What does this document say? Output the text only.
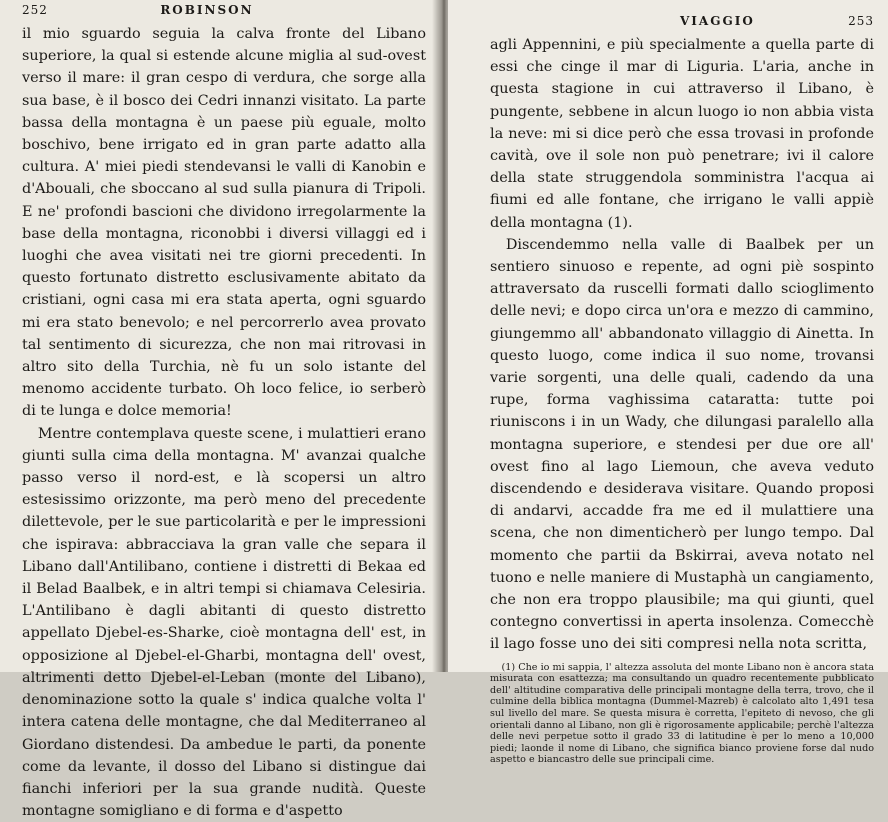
252	ROBINSON

il mio sguardo seguia la calva fronte del Libano superiore, la qual si estende alcune miglia al sud-ovest verso il mare: il gran cespo di verdura, che sorge alla sua base, è il bosco dei Cedri innanzi visitato. La parte bassa della montagna è un paese più eguale, molto boschivo, bene irrigato ed in gran parte adatto alla cultura. A' miei piedi stendevansi le valli di Kanobin e d'Abouali, che sboccano al sud sulla pianura di Tripoli. E ne' profondi bascioni che dividono irregolarmente la base della montagna, riconobbi i diversi villaggi ed i luoghi che avea visitati nei tre giorni precedenti. In questo fortunato distretto esclusivamente abitato da cristiani, ogni casa mi era stata aperta, ogni sguardo mi era stato benevolo; e nel percorrerlo avea provato tal sentimento di sicurezza, che non mai ritrovasi in altro sito della Turchia, nè fu un solo istante del menomo accidente turbato. Oh loco felice, io serberò di te lunga e dolce memoria!

Mentre contemplava queste scene, i mulattieri erano giunti sulla cima della montagna. M' avanzai qualche passo verso il nord-est, e là scopersi un altro estesissimo orizzonte, ma però meno del precedente dilettevole, per le sue particolarità e per le impressioni che ispirava: abbracciava la gran valle che separa il Libano dall'Antilibano, contiene i distretti di Bekaa ed il Belad Baalbek, e in altri tempi si chiamava Celesiria. L'Antilibano è dagli abitanti di questo distretto appellato Djebel-es-Sharke, cioè montagna dell' est, in opposizione al Djebel-el-Gharbi, montagna dell' ovest, altrimenti detto Djebel-el-Leban (monte del Libano), denominazione sotto la quale s' indica qualche volta l' intera catena delle montagne, che dal Mediterraneo al Giordano distendesi. Da ambedue le parti, da ponente come da levante, il dosso del Libano si distingue dai fianchi inferiori per la sua grande nudità. Queste montagne somigliano e di forma e d'aspetto

VIAGGIO	253

agli Appennini, e più specialmente a quella parte di essi che cinge il mar di Liguria. L'aria, anche in questa stagione in cui attraverso il Libano, è pungente, sebbene in alcun luogo io non abbia vista la neve: mi si dice però che essa trovasi in profonde cavità, ove il sole non può penetrare; ivi il calore della state struggendola somministra l'acqua ai fiumi ed alle fontane, che irrigano le valli appiè della montagna (1).

Discendemmo nella valle di Baalbek per un sentiero sinuoso e repente, ad ogni piè sospinto attraversato da ruscelli formati dallo scioglimento delle nevi; e dopo circa un'ora e mezzo di cammino, giungemmo all' abbandonato villaggio di Ainetta. In questo luogo, come indica il suo nome, trovansi varie sorgenti, una delle quali, cadendo da una rupe, forma vaghissima cataratta: tutte poi riuniscons i in un Wady, che dilungasi paralello alla montagna superiore, e stendesi per due ore all' ovest fino al lago Liemoun, che aveva veduto discendendo e desiderava visitare. Quando proposi di andarvi, accadde fra me ed il mulattiere una scena, che non dimenticherò per lungo tempo. Dal momento che partii da Bskirrai, aveva notato nel tuono e nelle maniere di Mustaphà un cangiamento, che non era troppo plausibile; ma qui giunti, quel contegno convertissi in aperta insolenza. Comecchè il lago fosse uno dei siti compresi nella nota scritta,

(1) Che io mi sappia, l' altezza assoluta del monte Libano non è ancora stata misurata con esattezza; ma consultando un quadro recentemente pubblicato dell' altitudine comparativa delle principali montagne della terra, trovo, che il culmine della biblica montagna (Dummel-Mazreb) è calcolato alto 1,491 tesa sul livello del mare. Se questa misura è corretta, l'epiteto di nevoso, che gli orientali danno al Libano, non gli è rigorosamente applicabile; perchè l'altezza delle nevi perpetue sotto il grado 33 di latitudine è per lo meno a 10,000 piedi; laonde il nome di Libano, che significa bianco proviene forse dal nudo aspetto e biancastro delle sue principali cime.
